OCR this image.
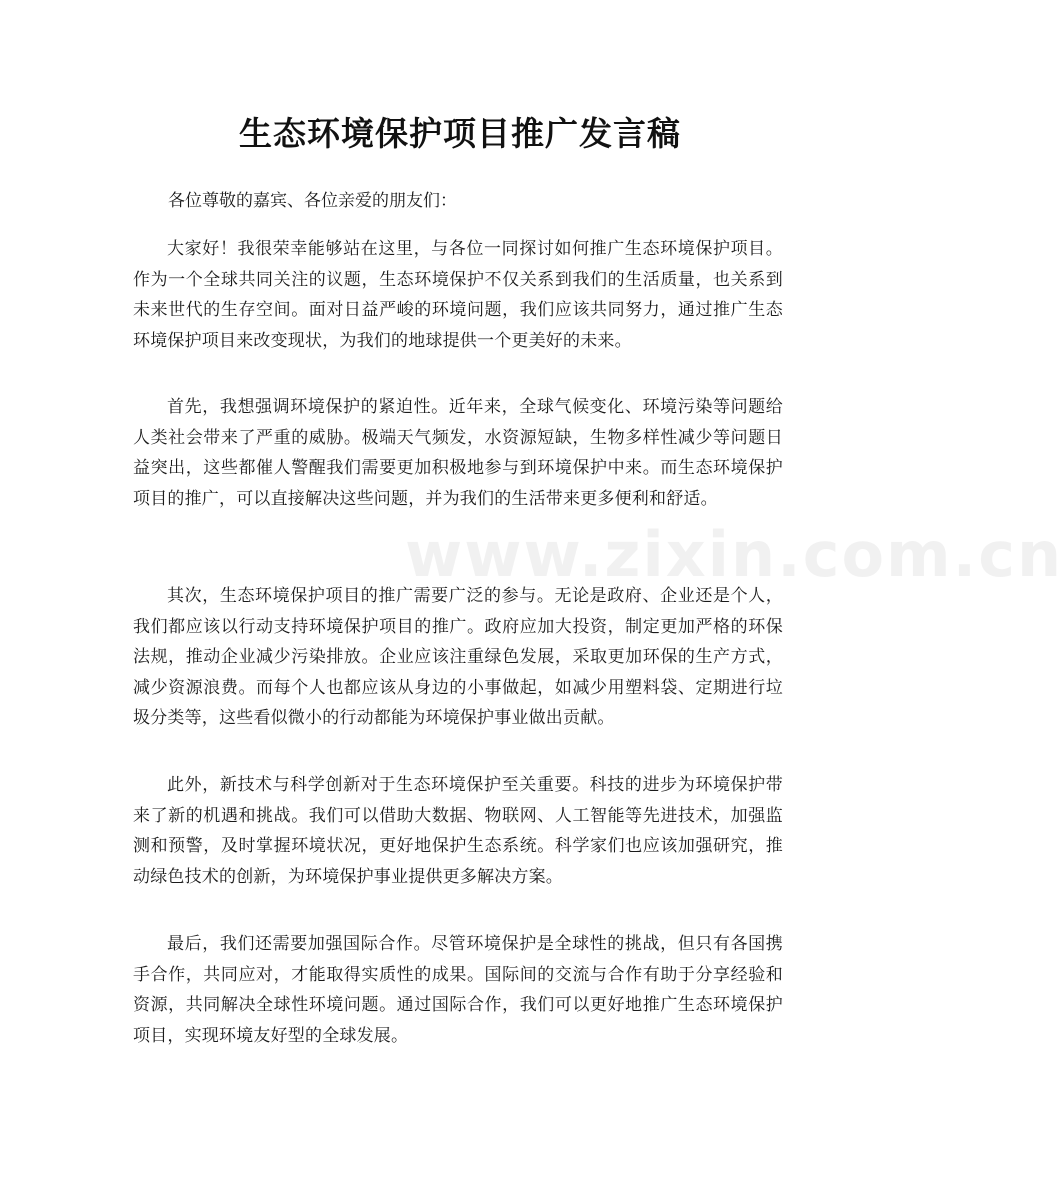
生态环境保护项目推广发言稿

各位尊敬的嘉宾、各位亲爱的朋友们：

大家好！我很荣幸能够站在这里，与各位一同探讨如何推广生态环境保护项目。作为一个全球共同关注的议题，生态环境保护不仅关系到我们的生活质量，也关系到未来世代的生存空间。面对日益严峻的环境问题，我们应该共同努力，通过推广生态环境保护项目来改变现状，为我们的地球提供一个更美好的未来。

首先，我想强调环境保护的紧迫性。近年来，全球气候变化、环境污染等问题给人类社会带来了严重的威胁。极端天气频发，水资源短缺，生物多样性减少等问题日益突出，这些都催人警醒我们需要更加积极地参与到环境保护中来。而生态环境保护项目的推广，可以直接解决这些问题，并为我们的生活带来更多便利和舒适。

其次，生态环境保护项目的推广需要广泛的参与。无论是政府、企业还是个人，我们都应该以行动支持环境保护项目的推广。政府应加大投资，制定更加严格的环保法规，推动企业减少污染排放。企业应该注重绿色发展，采取更加环保的生产方式，减少资源浪费。而每个人也都应该从身边的小事做起，如减少用塑料袋、定期进行垃圾分类等，这些看似微小的行动都能为环境保护事业做出贡献。

此外，新技术与科学创新对于生态环境保护至关重要。科技的进步为环境保护带来了新的机遇和挑战。我们可以借助大数据、物联网、人工智能等先进技术，加强监测和预警，及时掌握环境状况，更好地保护生态系统。科学家们也应该加强研究，推动绿色技术的创新，为环境保护事业提供更多解决方案。

最后，我们还需要加强国际合作。尽管环境保护是全球性的挑战，但只有各国携手合作，共同应对，才能取得实质性的成果。国际间的交流与合作有助于分享经验和资源，共同解决全球性环境问题。通过国际合作，我们可以更好地推广生态环境保护项目，实现环境友好型的全球发展。

www.zixin.com.cn
